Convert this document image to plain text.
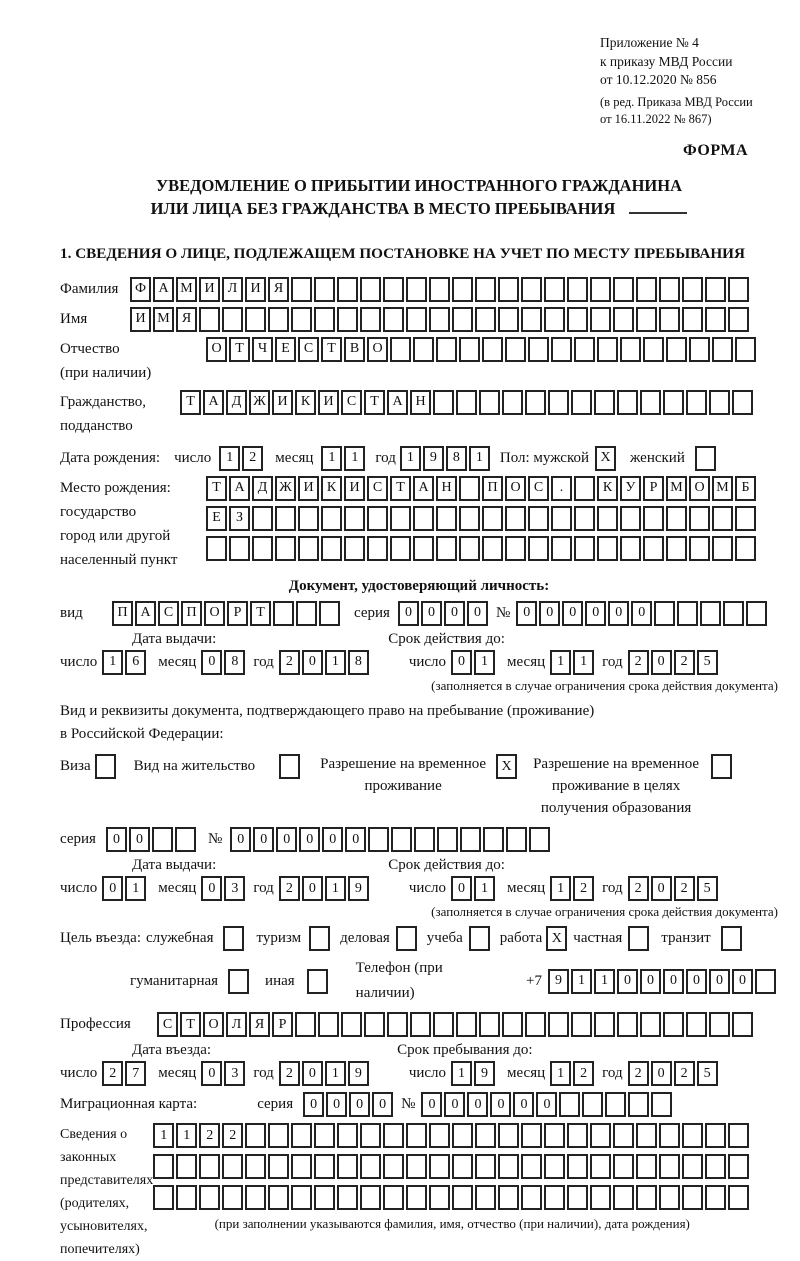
Приложение № 4
к приказу МВД России
от 10.12.2020 № 856
(в ред. Приказа МВД России
от 16.11.2022 № 867)
ФОРМА
УВЕДОМЛЕНИЕ О ПРИБЫТИИ ИНОСТРАННОГО ГРАЖДАНИНА
ИЛИ ЛИЦА БЕЗ ГРАЖДАНСТВА В МЕСТО ПРЕБЫВАНИЯ
1. СВЕДЕНИЯ О ЛИЦЕ, ПОДЛЕЖАЩЕМ ПОСТАНОВКЕ НА УЧЕТ ПО МЕСТУ ПРЕБЫВАНИЯ
Фамилия	Ф А М И Л И Я
Имя	И М Я
Отчество
(при наличии)
О Т	Ч	Е	С	Т	В О
Гражданство,
подданство
Т А Д Ж И К И С	Т А Н
Дата рождения: число	1	2	месяц	1	1	год 1	9	8	1	Пол: мужской X	женский
Место рождения:
государство
город или другой
населенный пункт
Т А Д Ж И К И С	Т А Н	П О С	.	К У	Р М О М Б
Е	З
Документ, удостоверяющий личность:
вид	П А С П О	Р	Т	серия	0	0	0	0	№ 0	0	0	0	0	0
Дата выдачи:	Срок действия до:
число 1	6	месяц 0	8	год 2	0	1	8	число 0	1	месяц 1	1	год 2	0	2	5
(заполняется в случае ограничения срока действия документа)
Вид и реквизиты документа, подтверждающего право на пребывание (проживание)
в Российской Федерации:
Виза	Вид на жительство	Разрешение на временное
проживание
X	Разрешение на временное
проживание в целях
получения образования
серия	0	0	№	0	0	0	0	0	0
Дата выдачи:	Срок действия до:
число 0	1	месяц 0	3	год 2	0	1	9	число 0	1	месяц 1	2	год 2	0	2	5
(заполняется в случае ограничения срока действия документа)
Цель въезда: служебная	туризм	деловая учеба работа X частная	транзит
гуманитарная	иная
Телефон (при наличии)
+7 9	1	1	0	0	0	0	0	0
Профессия	С	Т О Л Я	Р
Дата въезда:	Срок пребывания до:
число 2	7	месяц 0	3	год 2	0	1	9	число 1	9	месяц 1	2	год 2	0	2	5
Миграционная карта:	серия	0	0	0	0	№ 0	0	0	0	0	0
Сведения о
законных
представителях
(родителях,
усыновителях,
попечителях)
1	1	2	2
(при заполнении указываются фамилия, имя, отчество (при наличии), дата рождения)
